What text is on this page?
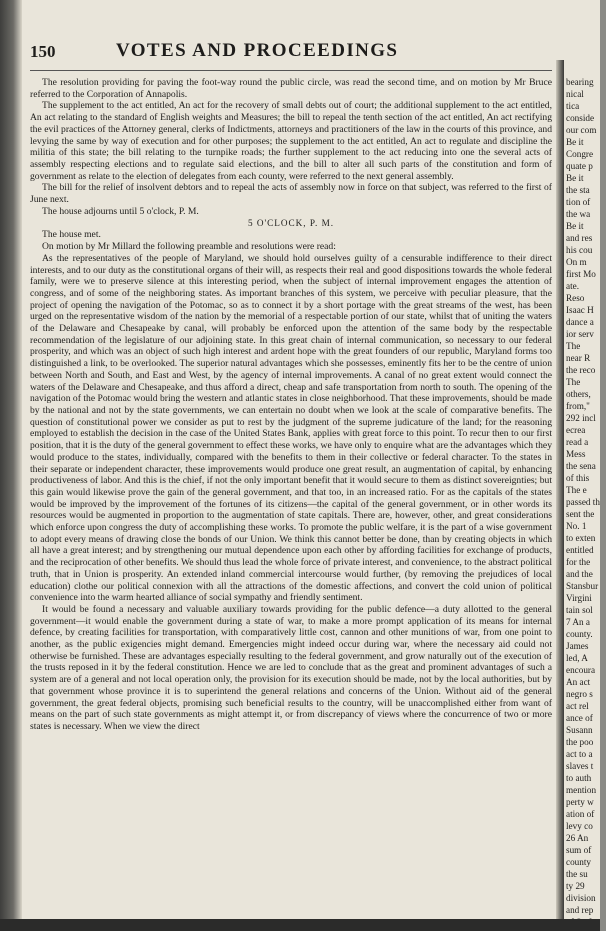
150	VOTES AND PROCEEDINGS

The resolution providing for paving the foot-way round the public circle, was read the second time, and on motion by Mr Bruce referred to the Corporation of Annapolis.

The supplement to the act entitled, An act for the recovery of small debts out of court; the additional supplement to the act entitled, An act relating to the standard of English weights and Measures; the bill to repeal the tenth section of the act entitled, An act rectifying the evil practices of the Attorney general, clerks of Indictments, attorneys and practitioners of the law in the courts of this province, and levying the same by way of execution and for other purposes; the supplement to the act entitled, An act to regulate and discipline the militia of this state; the bill relating to the turnpike roads; the further supplement to the act reducing into one the several acts of assembly respecting elections and to regulate said elections, and the bill to alter all such parts of the constitution and form of government as relate to the election of delegates from each county, were referred to the next general assembly.

The bill for the relief of insolvent debtors and to repeal the acts of assembly now in force on that subject, was referred to the first of June next.

The house adjourns until 5 o'clock, P. M.

5 O'CLOCK, P. M.

The house met.

On motion by Mr Millard the following preamble and resolutions were read:

As the representatives of the people of Maryland, we should hold ourselves guilty of a censurable indifference to their direct interests, and to our duty as the constitutional organs of their will, as respects their real and good dispositions towards the whole federal family, were we to preserve silence at this interesting period, when the subject of internal improvement engages the attention of congress, and of some of the neighboring states. As important branches of this system, we perceive with peculiar pleasure, that the project of opening the navigation of the Potomac, so as to connect it by a short portage with the great streams of the west, has been urged on the representative wisdom of the nation by the memorial of a respectable portion of our state, whilst that of uniting the waters of the Delaware and Chesapeake by canal, will probably be enforced upon the attention of the same body by the respectable recommendation of the legislature of our adjoining state. In this great chain of internal communication, so necessary to our federal prosperity, and which was an object of such high interest and ardent hope with the great founders of our republic, Maryland forms too distinguished a link, to be overlooked. The superior natural advantages which she possesses, eminently fits her to be the centre of union between North and South, and East and West, by the agency of internal improvements. A canal of no great extent would connect the waters of the Delaware and Chesapeake, and thus afford a direct, cheap and safe transportation from north to south. The opening of the navigation of the Potomac would bring the western and atlantic states in close neighborhood. That these improvements, should be made by the national and not by the state governments, we can entertain no doubt when we look at the scale of comparative benefits. The question of constitutional power we consider as put to rest by the judgment of the supreme judicature of the land; for the reasoning employed to establish the decision in the case of the United States Bank, applies with great force to this point. To recur then to our first position, that it is the duty of the general government to effect these works, we have only to enquire what are the advantages which they would produce to the states, individually, compared with the benefits to them in their collective or federal character. To the states in their separate or independent character, these improvements would produce one great result, an augmentation of capital, by enhancing productiveness of labor. And this is the chief, if not the only important benefit that it would secure to them as distinct sovereignties; but this gain would likewise prove the gain of the general government, and that too, in an increased ratio. For as the capitals of the states would be improved by the improvement of the fortunes of its citizens—the capital of the general government, or in other words its resources would be augmented in proportion to the augmentation of state capitals. There are, however, other, and great considerations which enforce upon congress the duty of accomplishing these works. To promote the public welfare, it is the part of a wise government to adopt every means of drawing close the bonds of our Union. We think this cannot better be done, than by creating objects in which all have a great interest; and by strengthening our mutual dependence upon each other by affording facilities for exchange of products, and the reciprocation of other benefits. We should thus lead the whole force of private interest, and convenience, to the abstract political truth, that in Union is prosperity. An extended inland commercial intercourse would further, (by removing the prejudices of local education) clothe our political connexion with all the attractions of the domestic affections, and convert the cold union of political convenience into the warm hearted alliance of social sympathy and friendly sentiment.

It would be found a necessary and valuable auxiliary towards providing for the public defence—a duty allotted to the general government—it would enable the government during a state of war, to make a more prompt application of its means for internal defence, by creating facilities for transportation, with comparatively little cost, cannon and other munitions of war, from one point to another, as the public exigencies might demand. Emergencies might indeed occur during war, where the necessary aid could not otherwise be furnished. These are advantages especially resulting to the federal government, and grow naturally out of the execution of the trusts reposed in it by the federal constitution. Hence we are led to conclude that as the great and prominent advantages of such a system are of a general and not local operation only, the provision for its execution should be made, not by the local authorities, but by that government whose province it is to superintend the general relations and concerns of the Union. Without aid of the general government, the great federal objects, promising such beneficial results to the country, will be unaccomplished either from want of means on the part of such state governments as might attempt it, or from discrepancy of views where the concurrence of two or more states is necessary. When we view the direct

bearing
nical
tica
conside
our com
Be it
Congre
quate p
Be it
the sta
tion of
the wa
Be it
and res
his cou
On m
first Mo
ate.
Reso
Isaac H
dance a
ior serv
The
near R
the reco
The
others,
from,"
292 incl
ecrea
read a
Mess
the sena
of this
The e
passed th
sent the
No. 1
to exten
entitled
for the
and the
Stansbur
Virgini
tain sol
7 An a
county.
James
led, A
encoura
An act
negro s
act rel
ance of
Susann
the poo
act to a
slaves t
to auth
mention
perty w
ation of
levy co
26 An
sum of
county
the su
ty 29
division
and rep
